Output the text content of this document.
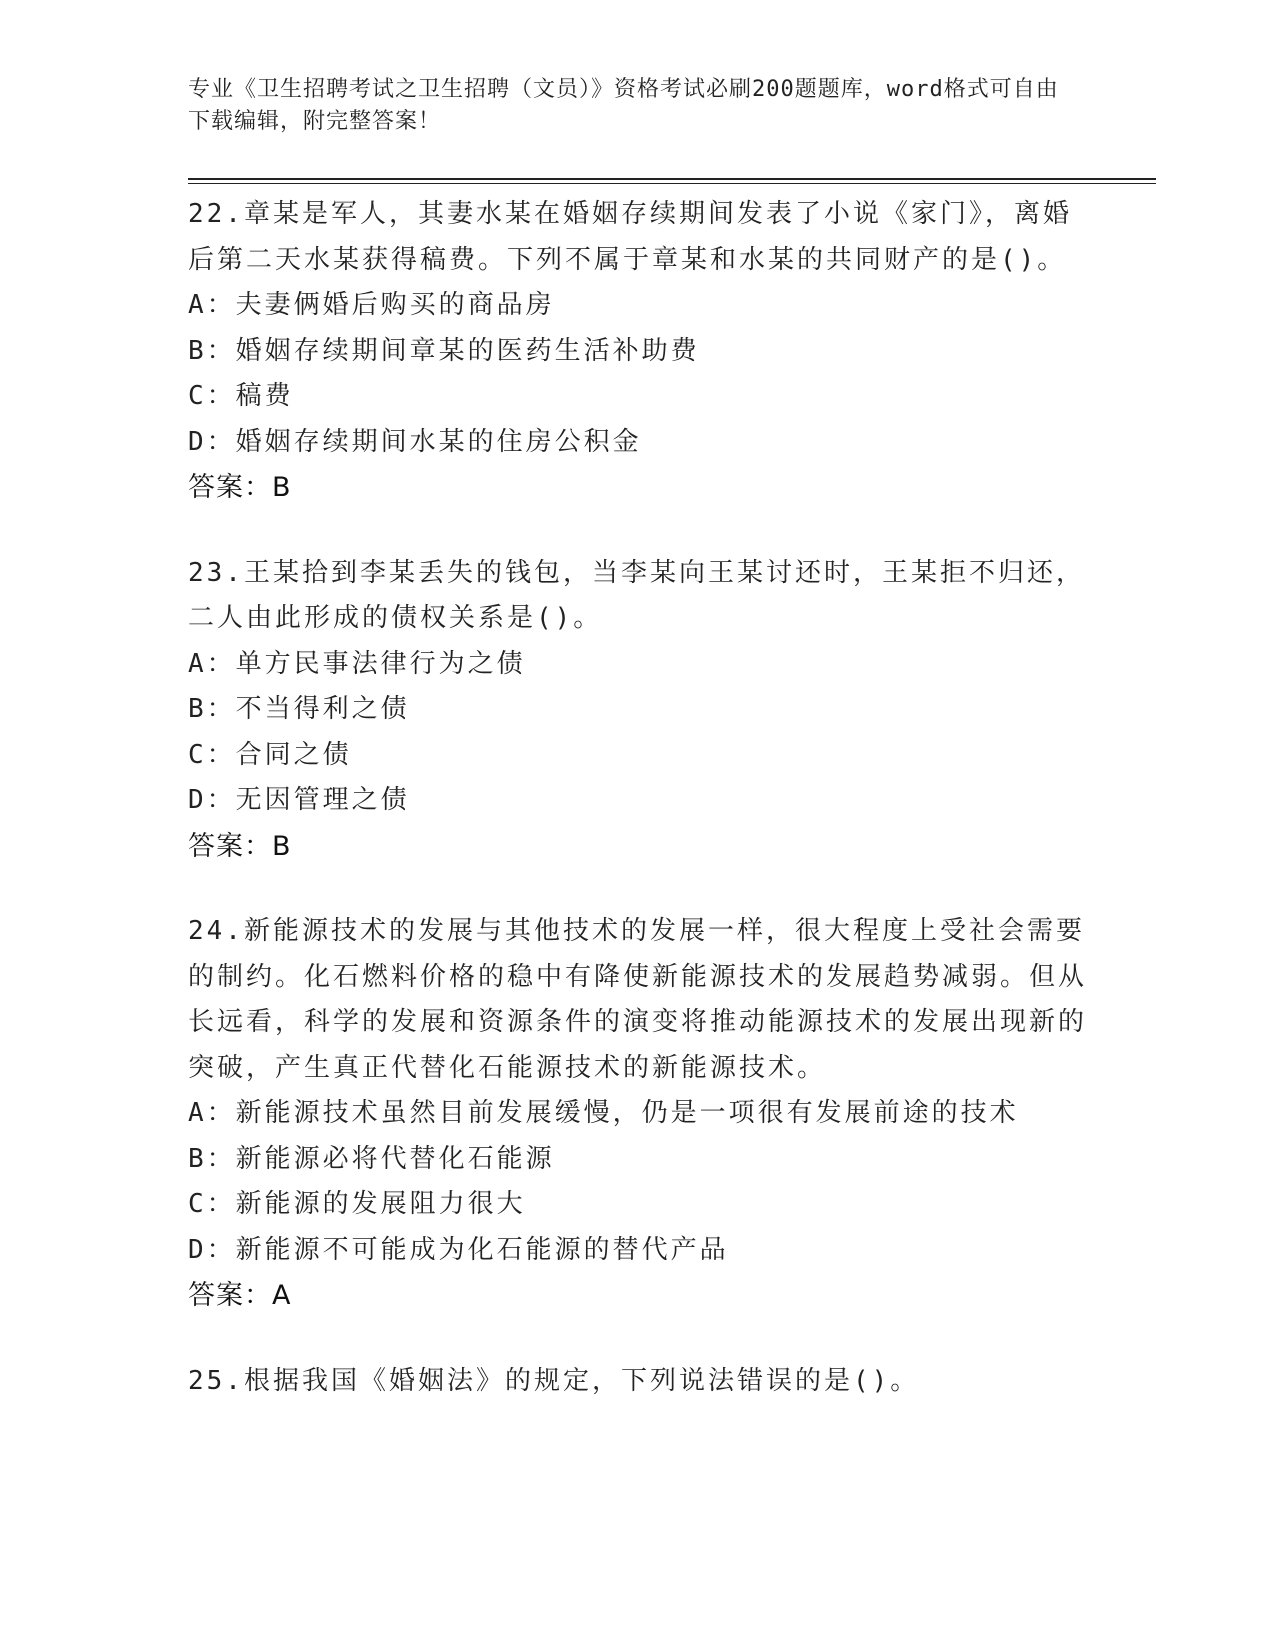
专业《卫生招聘考试之卫生招聘（文员）》资格考试必刷200题题库，word格式可自由下载编辑，附完整答案！

22.章某是军人，其妻水某在婚姻存续期间发表了小说《家门》，离婚后第二天水某获得稿费。下列不属于章某和水某的共同财产的是()。

A：夫妻俩婚后购买的商品房

B：婚姻存续期间章某的医药生活补助费

C：稿费

D：婚姻存续期间水某的住房公积金

答案：B

23.王某拾到李某丢失的钱包，当李某向王某讨还时，王某拒不归还，二人由此形成的债权关系是()。

A：单方民事法律行为之债

B：不当得利之债

C：合同之债

D：无因管理之债

答案：B

24.新能源技术的发展与其他技术的发展一样，很大程度上受社会需要的制约。化石燃料价格的稳中有降使新能源技术的发展趋势减弱。但从长远看，科学的发展和资源条件的演变将推动能源技术的发展出现新的突破，产生真正代替化石能源技术的新能源技术。

A：新能源技术虽然目前发展缓慢，仍是一项很有发展前途的技术

B：新能源必将代替化石能源

C：新能源的发展阻力很大

D：新能源不可能成为化石能源的替代产品

答案：A

25.根据我国《婚姻法》的规定，下列说法错误的是()。
